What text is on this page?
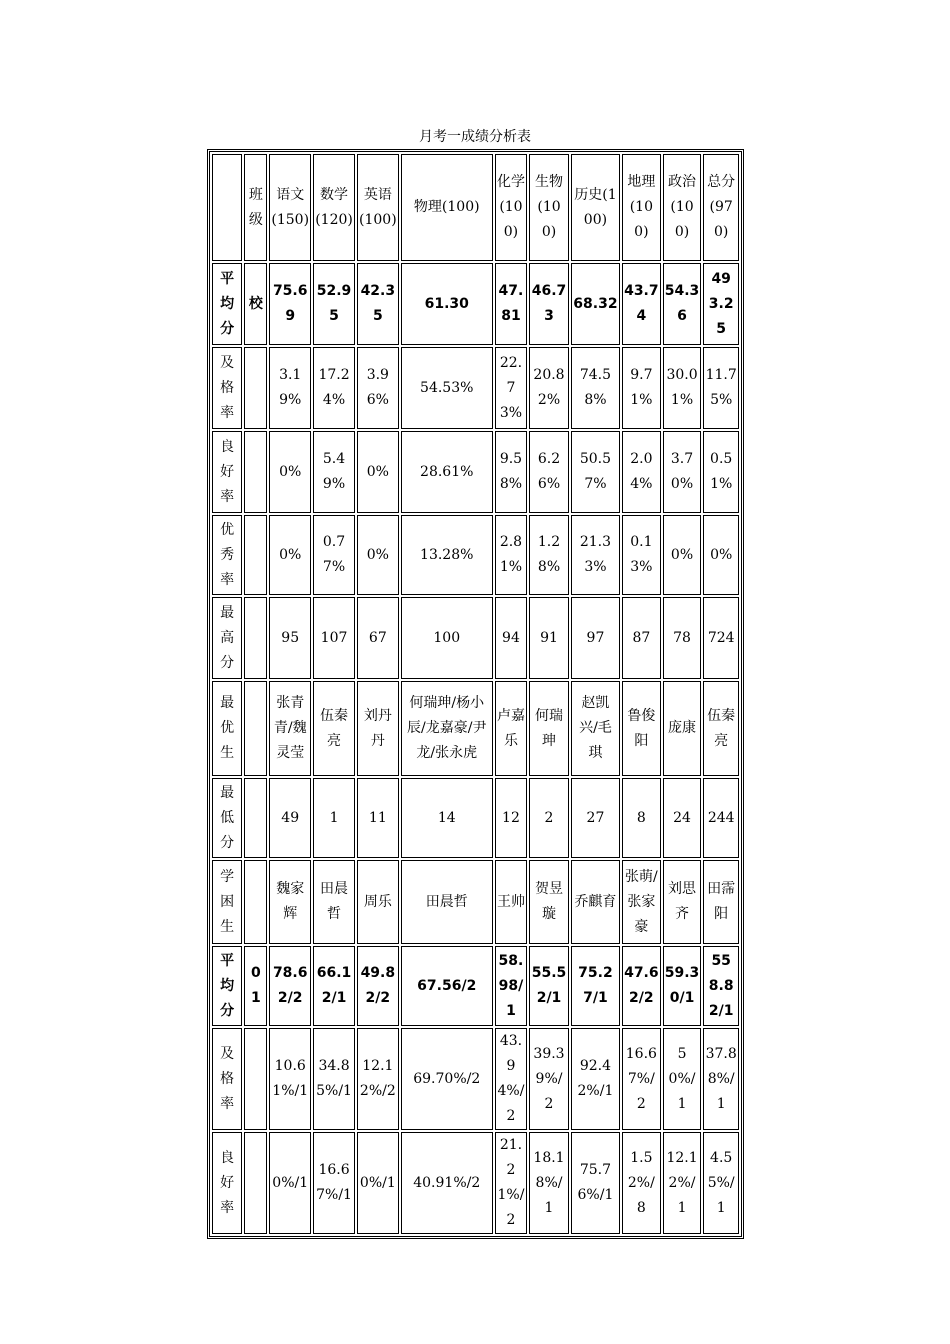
月考一成绩分析表
	班级	语文(150)	数学(120)	英语(100)	物理(100)	化学(100)	生物(100)	历史(100)	地理(100)	政治(100)	总分(970)
平均分	校	75.69	52.95	42.35	61.30	47.81	46.73	68.32	43.74	54.36	493.25
及格率		3.19%	17.24%	3.96%	54.53%	22.73%	20.82%	74.58%	9.71%	30.01%	11.75%
良好率		0%	5.49%	0%	28.61%	9.58%	6.26%	50.57%	2.04%	3.70%	0.51%
优秀率		0%	0.77%	0%	13.28%	2.81%	1.28%	21.33%	0.13%	0%	0%
最高分		95	107	67	100	94	91	97	87	78	724
最优生		张青青/魏灵莹	伍秦亮	刘丹丹	何瑞珅/杨小辰/龙嘉豪/尹 龙/张永虎	卢嘉乐	何瑞珅	赵凯兴/毛琪	鲁俊阳	庞康	伍秦亮
最低分		49	1	11	14	12	2	27	8	24	244
学困生		魏家辉	田晨哲	周乐	田晨哲	王帅	贺昱璇	乔麒育	张萌/张家豪	刘思齐	田霈阳
平均分	01	78.62/2	66.12/1	49.82/2	67.56/2	58.98/1	55.52/1	75.27/1	47.62/2	59.30/1	558.82/1
及格率		10.61%/1	34.85%/1	12.12%/2	69.70%/2	43.94%/2	39.39%/2	92.42%/1	16.67%/2	50%/1	37.88%/1
良好率		0%/1	16.67%/1	0%/1	40.91%/2	21.21%/2	18.18%/1	75.76%/1	1.52%/8	12.12%/1	4.55%/1
